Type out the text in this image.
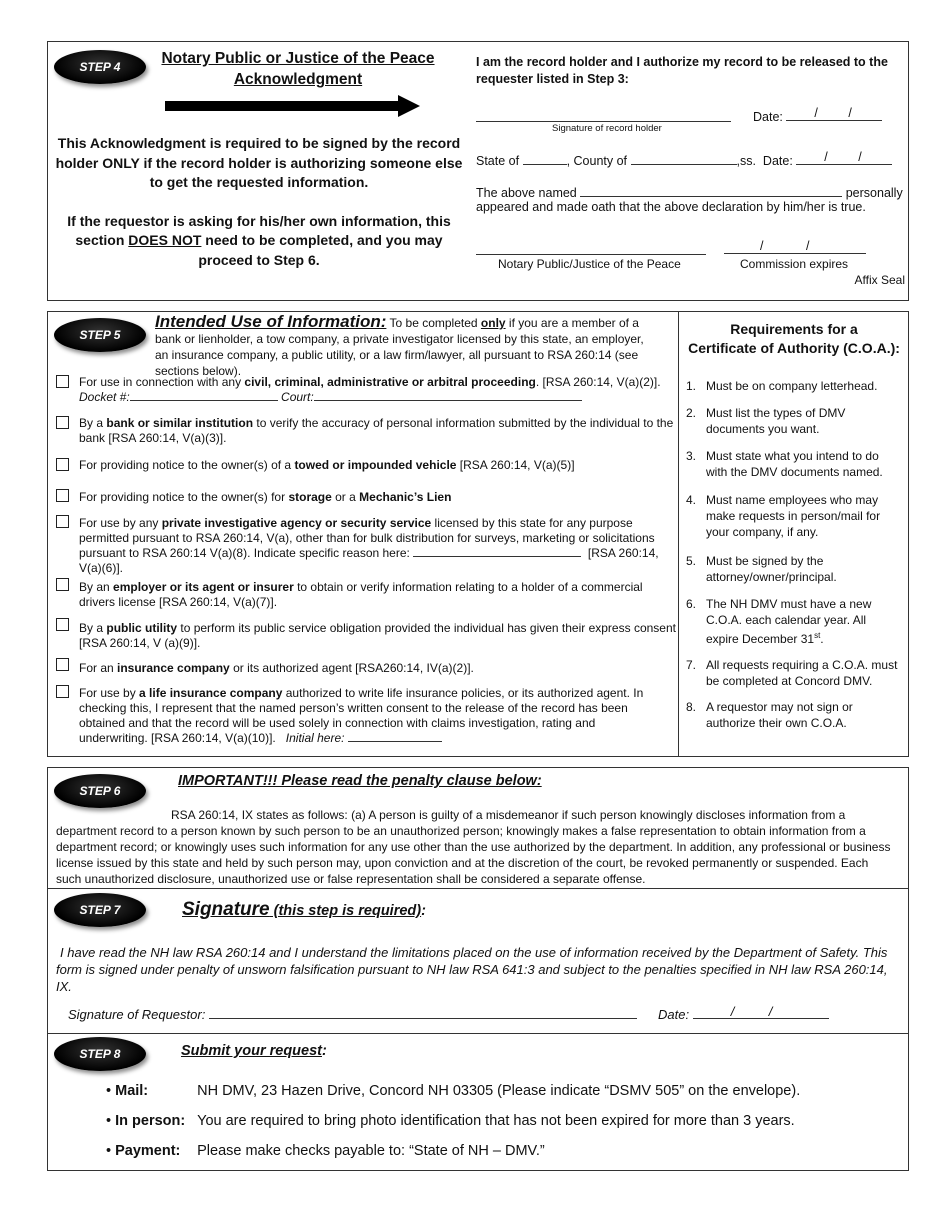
STEP 4	Notary Public or Justice of the Peace
Acknowledgment
This Acknowledgment is required to be signed by the record holder ONLY if the record holder is authorizing someone else to get the requested information.
If the requestor is asking for his/her own information, this section DOES NOT need to be completed, and you may proceed to Step 6.
I am the record holder and I authorize my record to be released to the requester listed in Step 3:
Date:	/ /
Signature of record holder
State of	, County of	,ss. Date:	/ /
The above named	personally
appeared and made oath that the above declaration by him/her is true.
/	/
Notary Public/Justice of the Peace	Commission expires
Affix Seal
STEP 5
Intended Use of Information: To be completed only if you are a member of a bank or lienholder, a tow company, a private investigator licensed by this state, an employer, an insurance company, a public utility, or a law firm/lawyer, all pursuant to RSA 260:14 (see sections below).
For use in connection with any civil, criminal, administrative or arbitral proceeding. [RSA 260:14, V(a)(2)].
Docket #:	Court:
By a bank or similar institution to verify the accuracy of personal information submitted by the individual to the bank [RSA 260:14, V(a)(3)].
For providing notice to the owner(s) of a towed or impounded vehicle [RSA 260:14, V(a)(5)]
For providing notice to the owner(s) for storage or a Mechanic’s Lien
For use by any private investigative agency or security service licensed by this state for any purpose permitted pursuant to RSA 260:14, V(a), other than for bulk distribution for surveys, marketing or solicitations pursuant to RSA 260:14 V(a)(8). Indicate specific reason here:	[RSA 260:14, V(a)(6)].
By an employer or its agent or insurer to obtain or verify information relating to a holder of a commercial drivers license [RSA 260:14, V(a)(7)].
By a public utility to perform its public service obligation provided the individual has given their express consent [RSA 260:14, V (a)(9)].
For an insurance company or its authorized agent [RSA260:14, IV(a)(2)].
For use by a life insurance company authorized to write life insurance policies, or its authorized agent. In checking this, I represent that the named person’s written consent to the release of the record has been obtained and that the record will be used solely in connection with claims investigation, rating and underwriting. [RSA 260:14, V(a)(10)]. Initial here:
Requirements for a
Certificate of Authority (C.O.A.):
1. Must be on company letterhead.
2. Must list the types of DMV documents you want.
3. Must state what you intend to do with the DMV documents named.
4. Must name employees who may make requests in person/mail for your company, if any.
5. Must be signed by the attorney/owner/principal.
6. The NH DMV must have a new C.O.A. each calendar year. All expire December 31st.
7. All requests requiring a C.O.A. must be completed at Concord DMV.
8. A requestor may not sign or authorize their own C.O.A.
STEP 6
IMPORTANT!!! Please read the penalty clause below:
RSA 260:14, IX states as follows: (a) A person is guilty of a misdemeanor if such person knowingly discloses information from a department record to a person known by such person to be an unauthorized person; knowingly makes a false representation to obtain information from a department record; or knowingly uses such information for any use other than the use authorized by the department. In addition, any professional or business license issued by this state and held by such person may, upon conviction and at the discretion of the court, be revoked permanently or suspended. Each such unauthorized disclosure, unauthorized use or false representation shall be considered a separate offense.
STEP 7	Signature (this step is required):
I have read the NH law RSA 260:14 and I understand the limitations placed on the use of information received by the Department of Safety. This form is signed under penalty of unsworn falsification pursuant to NH law RSA 641:3 and subject to the penalties specified in NH law RSA 260:14, IX.
Signature of Requestor:	Date:	/	/
STEP 8	Submit your request:
• Mail:	NH DMV, 23 Hazen Drive, Concord NH 03305 (Please indicate “DSMV 505” on the envelope).
• In person: You are required to bring photo identification that has not been expired for more than 3 years.
• Payment: Please make checks payable to: “State of NH – DMV.”
